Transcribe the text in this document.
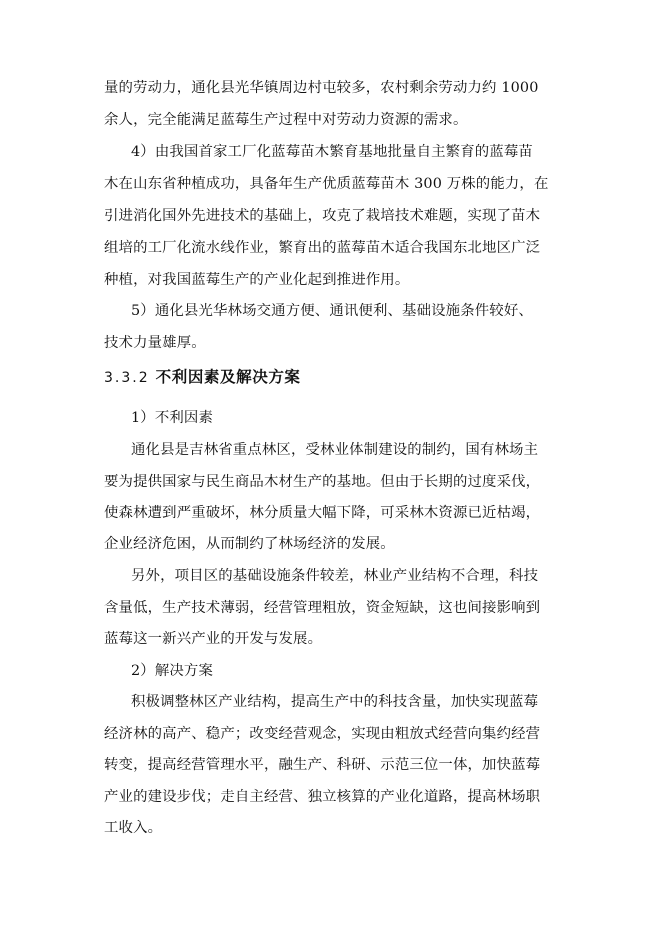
量的劳动力，通化县光华镇周边村屯较多，农村剩余劳动力约 1000
余人，完全能满足蓝莓生产过程中对劳动力资源的需求。
4）由我国首家工厂化蓝莓苗木繁育基地批量自主繁育的蓝莓苗
木在山东省种植成功，具备年生产优质蓝莓苗木 300 万株的能力，在
引进消化国外先进技术的基础上，攻克了栽培技术难题，实现了苗木
组培的工厂化流水线作业，繁育出的蓝莓苗木适合我国东北地区广泛
种植，对我国蓝莓生产的产业化起到推进作用。
5）通化县光华林场交通方便、通讯便利、基础设施条件较好、
技术力量雄厚。
3.3.2 不利因素及解决方案
1）不利因素
通化县是吉林省重点林区，受林业体制建设的制约，国有林场主
要为提供国家与民生商品木材生产的基地。但由于长期的过度采伐，
使森林遭到严重破坏，林分质量大幅下降，可采林木资源已近枯竭，
企业经济危困，从而制约了林场经济的发展。
另外，项目区的基础设施条件较差，林业产业结构不合理，科技
含量低，生产技术薄弱，经营管理粗放，资金短缺，这也间接影响到
蓝莓这一新兴产业的开发与发展。
2）解决方案
积极调整林区产业结构，提高生产中的科技含量，加快实现蓝莓
经济林的高产、稳产；改变经营观念，实现由粗放式经营向集约经营
转变，提高经营管理水平，融生产、科研、示范三位一体，加快蓝莓
产业的建设步伐；走自主经营、独立核算的产业化道路，提高林场职
工收入。
